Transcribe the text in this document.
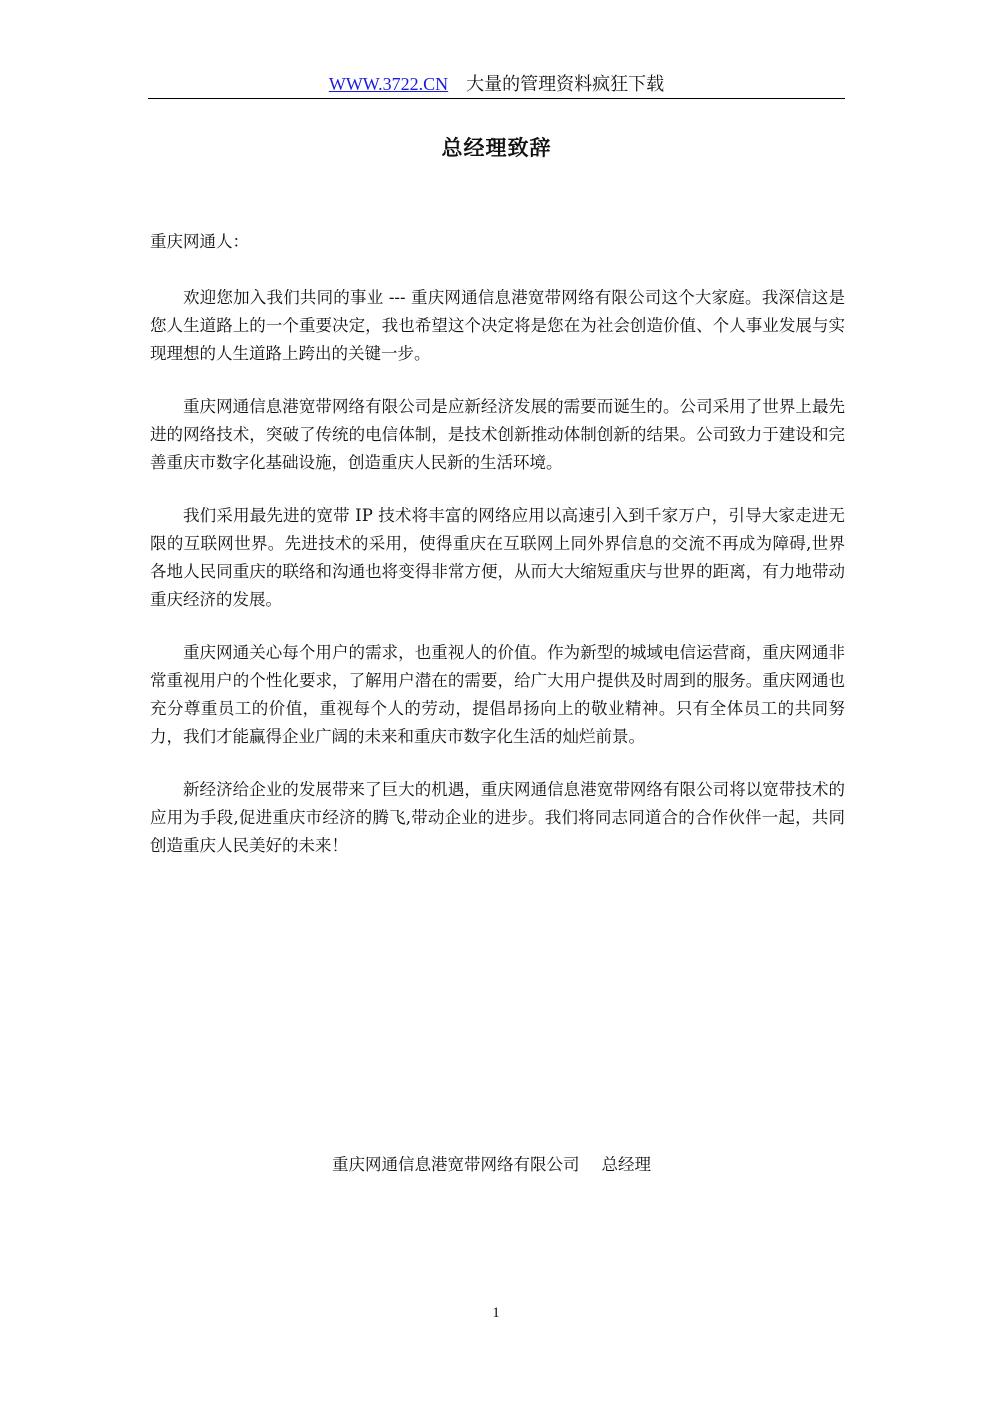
WWW.3722.CN 大量的管理资料疯狂下载
总经理致辞
重庆网通人：

欢迎您加入我们共同的事业 --- 重庆网通信息港宽带网络有限公司这个大家庭。我深信这是您人生道路上的一个重要决定，我也希望这个决定将是您在为社会创造价值、个人事业发展与实现理想的人生道路上跨出的关键一步。

重庆网通信息港宽带网络有限公司是应新经济发展的需要而诞生的。公司采用了世界上最先进的网络技术，突破了传统的电信体制，是技术创新推动体制创新的结果。公司致力于建设和完善重庆市数字化基础设施，创造重庆人民新的生活环境。

我们采用最先进的宽带 IP 技术将丰富的网络应用以高速引入到千家万户，引导大家走进无限的互联网世界。先进技术的采用，使得重庆在互联网上同外界信息的交流不再成为障碍,世界各地人民同重庆的联络和沟通也将变得非常方便，从而大大缩短重庆与世界的距离，有力地带动重庆经济的发展。

重庆网通关心每个用户的需求，也重视人的价值。作为新型的城域电信运营商，重庆网通非常重视用户的个性化要求，了解用户潜在的需要，给广大用户提供及时周到的服务。重庆网通也充分尊重员工的价值，重视每个人的劳动，提倡昂扬向上的敬业精神。只有全体员工的共同努力，我们才能赢得企业广阔的未来和重庆市数字化生活的灿烂前景。

新经济给企业的发展带来了巨大的机遇，重庆网通信息港宽带网络有限公司将以宽带技术的应用为手段,促进重庆市经济的腾飞,带动企业的进步。我们将同志同道合的合作伙伴一起，共同创造重庆人民美好的未来！

重庆网通信息港宽带网络有限公司 总经理
1
